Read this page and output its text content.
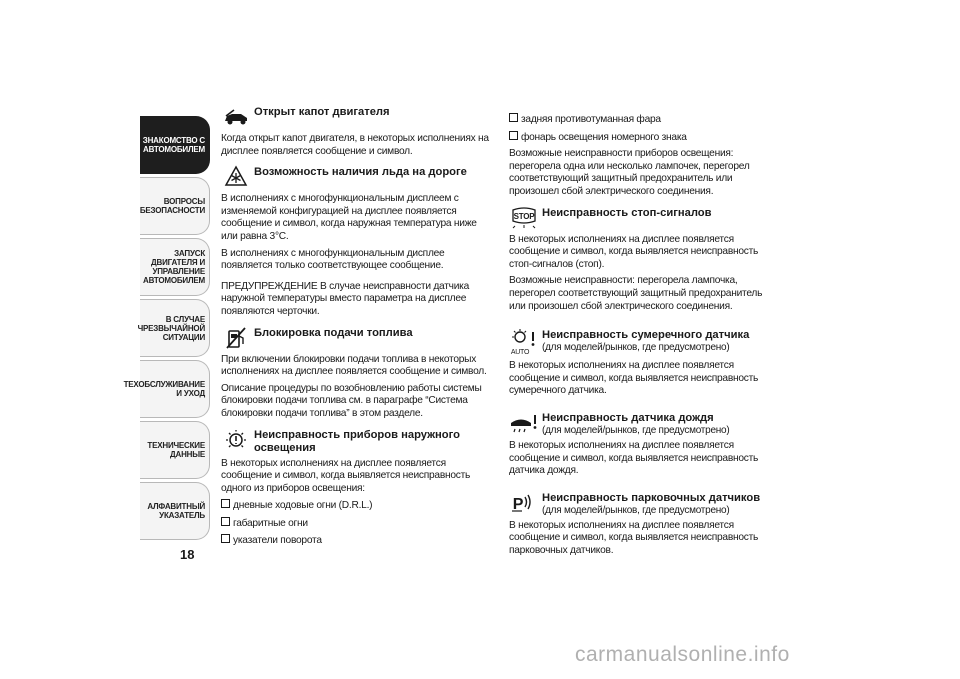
ЗНАКОМСТВО С
АВТОМОБИЛЕМ
ВОПРОСЫ
БЕЗОПАСНОСТИ
ЗАПУСК ДВИГАТЕЛЯ И
УПРАВЛЕНИЕ
АВТОМОБИЛЕМ
В СЛУЧАЕ
ЧРЕЗВЫЧАЙНОЙ
СИТУАЦИИ
ТЕХОБСЛУЖИВАНИЕ
И УХОД
ТЕХНИЧЕСКИЕ
ДАННЫЕ
АЛФАВИТНЫЙ
УКАЗАТЕЛЬ
18
Открыт капот двигателя

Когда открыт капот двигателя, в некоторых исполнениях на дисплее появляется сообщение и символ.

Возможность наличия льда на дороге

В исполнениях с многофункциональным дисплеем с изменяемой конфигурацией на дисплее появляется сообщение и символ, когда наружная температура ниже или равна 3°C.

В исполнениях с многофункциональным дисплее появляется только соответствующее сообщение.

ПРЕДУПРЕЖДЕНИЕ В случае неисправности датчика наружной температуры вместо параметра на дисплее появляются черточки.

Блокировка подачи топлива

При включении блокировки подачи топлива в некоторых исполнениях на дисплее появляется сообщение и символ.

Описание процедуры по возобновлению работы системы блокировки подачи топлива см. в параграфе “Система блокировки подачи топлива” в этом разделе.

Неисправность приборов наружного освещения

В некоторых исполнениях на дисплее появляется сообщение и символ, когда выявляется неисправность одного из приборов освещения:

дневные ходовые огни (D.R.L.)
габаритные огни
указатели поворота
задняя противотуманная фара
фонарь освещения номерного знака

Возможные неисправности приборов освещения: перегорела одна или несколько лампочек, перегорел соответствующий защитный предохранитель или произошел сбой электрического соединения.

STOP Неисправность стоп-сигналов

В некоторых исполнениях на дисплее появляется сообщение и символ, когда выявляется неисправность стоп-сигналов (стоп).

Возможные неисправности: перегорела лампочка, перегорел соответствующий защитный предохранитель или произошел сбой электрического соединения.

AUTO
Неисправность сумеречного датчика
(для моделей/рынков, где предусмотрено)

В некоторых исполнениях на дисплее появляется сообщение и символ, когда выявляется неисправность сумеречного датчика.

Неисправность датчика дождя
(для моделей/рынков, где предусмотрено)

В некоторых исполнениях на дисплее появляется сообщение и символ, когда выявляется неисправность датчика дождя.

P Неисправность парковочных датчиков
(для моделей/рынков, где предусмотрено)

В некоторых исполнениях на дисплее появляется сообщение и символ, когда выявляется неисправность парковочных датчиков.

carmanualsonline.info
